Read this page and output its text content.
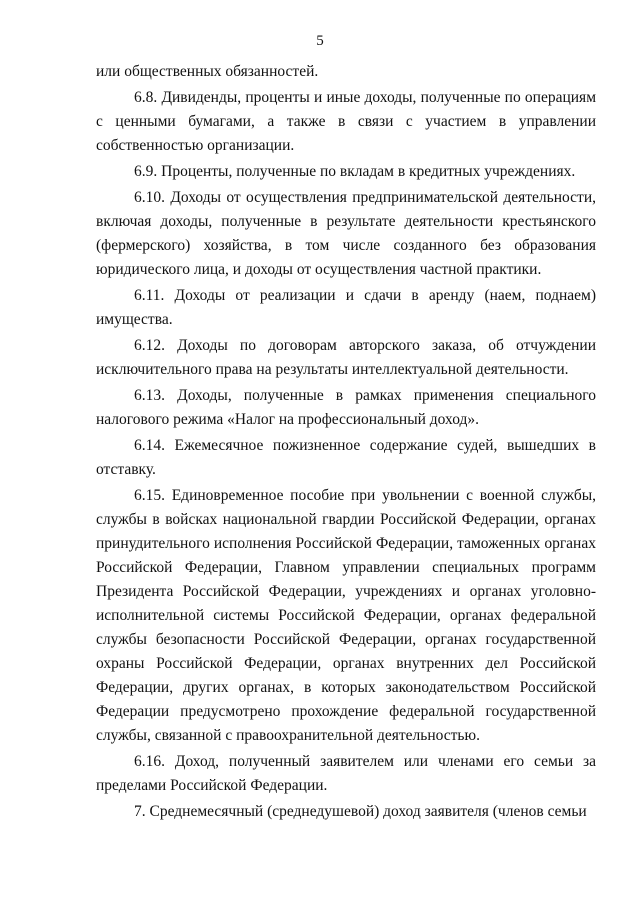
5

или общественных обязанностей.

6.8. Дивиденды, проценты и иные доходы, полученные по операциям с ценными бумагами, а также в связи с участием в управлении собственностью организации.

6.9. Проценты, полученные по вкладам в кредитных учреждениях.

6.10. Доходы от осуществления предпринимательской деятельности, включая доходы, полученные в результате деятельности крестьянского (фермерского) хозяйства, в том числе созданного без образования юридического лица, и доходы от осуществления частной практики.

6.11. Доходы от реализации и сдачи в аренду (наем, поднаем) имущества.

6.12. Доходы по договорам авторского заказа, об отчуждении исключительного права на результаты интеллектуальной деятельности.

6.13. Доходы, полученные в рамках применения специального налогового режима «Налог на профессиональный доход».

6.14. Ежемесячное пожизненное содержание судей, вышедших в отставку.

6.15. Единовременное пособие при увольнении с военной службы, службы в войсках национальной гвардии Российской Федерации, органах принудительного исполнения Российской Федерации, таможенных органах Российской Федерации, Главном управлении специальных программ Президента Российской Федерации, учреждениях и органах уголовно-исполнительной системы Российской Федерации, органах федеральной службы безопасности Российской Федерации, органах государственной охраны Российской Федерации, органах внутренних дел Российской Федерации, других органах, в которых законодательством Российской Федерации предусмотрено прохождение федеральной государственной службы, связанной с правоохранительной деятельностью.

6.16. Доход, полученный заявителем или членами его семьи за пределами Российской Федерации.

7. Среднемесячный (среднедушевой) доход заявителя (членов семьи
